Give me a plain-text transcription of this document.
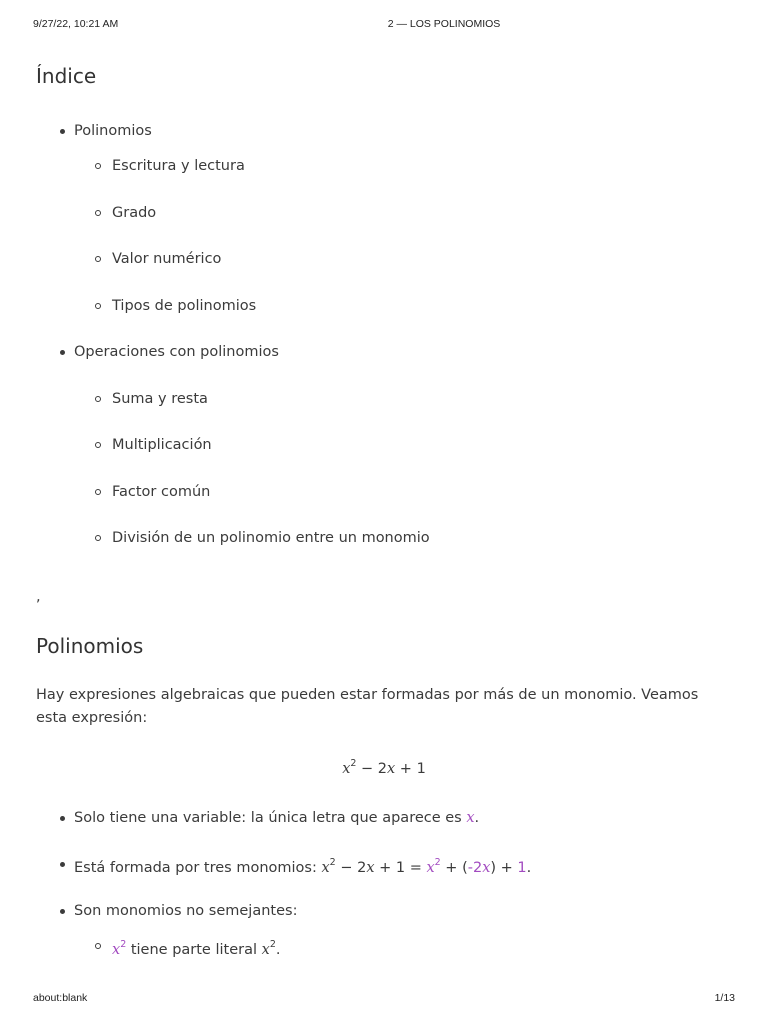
9/27/22, 10:21 AM	2 — LOS POLINOMIOS
Índice
Polinomios
Escritura y lectura
Grado
Valor numérico
Tipos de polinomios
Operaciones con polinomios
Suma y resta
Multiplicación
Factor común
División de un polinomio entre un monomio
,
Polinomios

Hay expresiones algebraicas que pueden estar formadas por más de un monomio. Veamos esta expresión:

$x^2 - 2x + 1$
Solo tiene una variable: la única letra que aparece es x.
Está formada por tres monomios: $x^2 - 2x + 1 = x^2 + (-2x) + 1$.
Son monomios no semejantes:
$x^2$ tiene parte literal $x^2$.
about:blank	1/13
